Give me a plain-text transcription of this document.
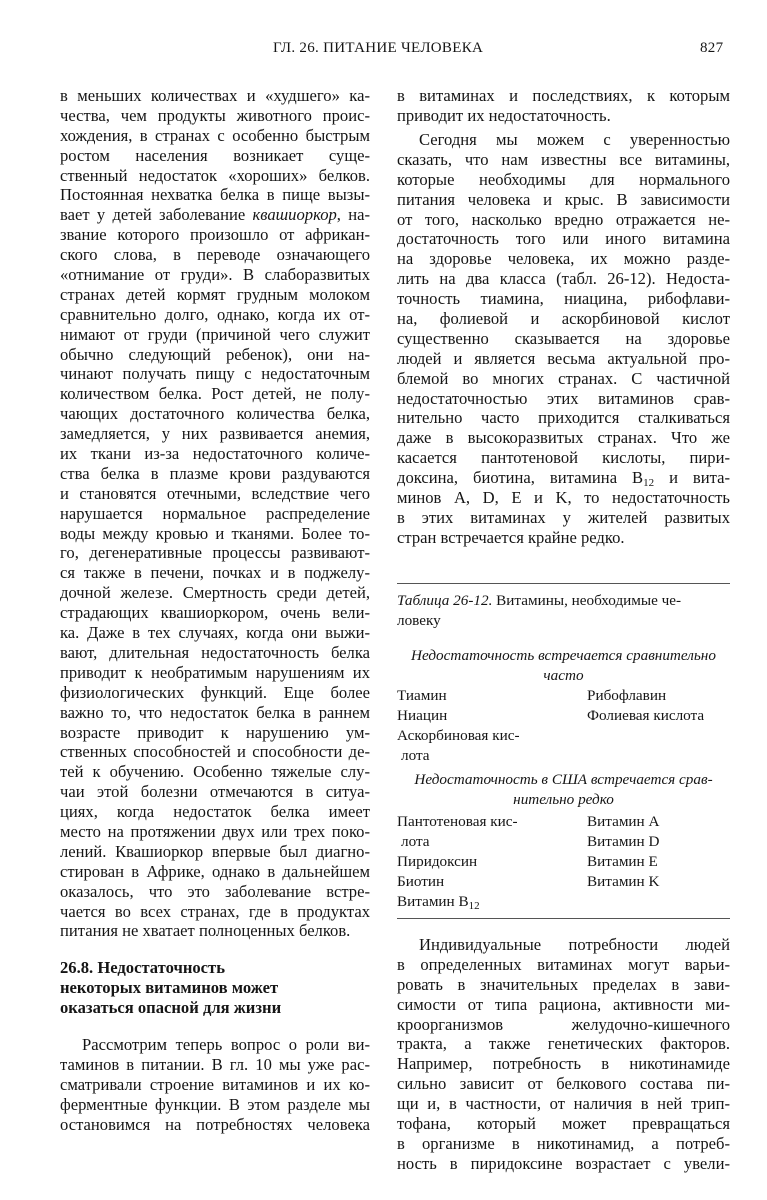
ГЛ. 26. ПИТАНИЕ ЧЕЛОВЕКА	827
в меньших количествах и «худшего» ка-
чества, чем продукты животного проис-
хождения, в странах с особенно быстрым
ростом населения возникает суще-
ственный недостаток «хороших» белков.
Постоянная нехватка белка в пище вызы-
вает у детей заболевание квашиоркор, на-
звание которого произошло от африкан-
ского слова, в переводе означающего
«отнимание от груди». В слаборазвитых
странах детей кормят грудным молоком
сравнительно долго, однако, когда их от-
нимают от груди (причиной чего служит
обычно следующий ребенок), они на-
чинают получать пищу с недостаточным
количеством белка. Рост детей, не полу-
чающих достаточного количества белка,
замедляется, у них развивается анемия,
их ткани из-за недостаточного количе-
ства белка в плазме крови раздуваются
и становятся отечными, вследствие чего
нарушается нормальное распределение
воды между кровью и тканями. Более то-
го, дегенеративные процессы развивают-
ся также в печени, почках и в поджелу-
дочной железе. Смертность среди детей,
страдающих квашиоркором, очень вели-
ка. Даже в тех случаях, когда они выжи-
вают, длительная недостаточность белка
приводит к необратимым нарушениям их
физиологических функций. Еще более
важно то, что недостаток белка в раннем
возрасте приводит к нарушению ум-
ственных способностей и способности де-
тей к обучению. Особенно тяжелые слу-
чаи этой болезни отмечаются в ситуа-
циях, когда недостаток белка имеет
место на протяжении двух или трех поко-
лений. Квашиоркор впервые был диагно-
стирован в Африке, однако в дальнейшем
оказалось, что это заболевание встре-
чается во всех странах, где в продуктах
питания не хватает полноценных белков.
26.8. Недостаточность
некоторых витаминов может
оказаться опасной для жизни
Рассмотрим теперь вопрос о роли ви-
таминов в питании. В гл. 10 мы уже рас-
сматривали строение витаминов и их ко-
ферментные функции. В этом разделе мы
остановимся на потребностях человека
в витаминах и последствиях, к которым
приводит их недостаточность.
Сегодня мы можем с уверенностью
сказать, что нам известны все витамины,
которые необходимы для нормального
питания человека и крыс. В зависимости
от того, насколько вредно отражается не-
достаточность того или иного витамина
на здоровье человека, их можно разде-
лить на два класса (табл. 26-12). Недоста-
точность тиамина, ниацина, рибофлави-
на, фолиевой и аскорбиновой кислот
существенно сказывается на здоровье
людей и является весьма актуальной про-
блемой во многих странах. С частичной
недостаточностью этих витаминов срав-
нительно часто приходится сталкиваться
даже в высокоразвитых странах. Что же
касается пантотеновой кислоты, пири-
доксина, биотина, витамина $B_{12}$ и вита-
минов A, D, E и K, то недостаточность
в этих витаминах у жителей развитых
стран встречается крайне редко.
Таблица 26-12. Витамины, необходимые че-
ловеку
Недостаточность встречается сравнительно
часто
Тиамин	Рибофлавин
Ниацин	Фолиевая кислота
Аскорбиновая кис-
лота
Недостаточность в США встречается срав-
нительно редко
Пантотеновая кис-	Витамин A
лота	Витамин D
Пиридоксин	Витамин E
Биотин	Витамин K
Витамин $B_{12}$
Индивидуальные потребности людей
в определенных витаминах могут варьи-
ровать в значительных пределах в зави-
симости от типа рациона, активности ми-
кроорганизмов желудочно-кишечного
тракта, а также генетических факторов.
Например, потребность в никотинамиде
сильно зависит от белкового состава пи-
щи и, в частности, от наличия в ней трип-
тофана, который может превращаться
в организме в никотинамид, а потреб-
ность в пиридоксине возрастает с увели-
